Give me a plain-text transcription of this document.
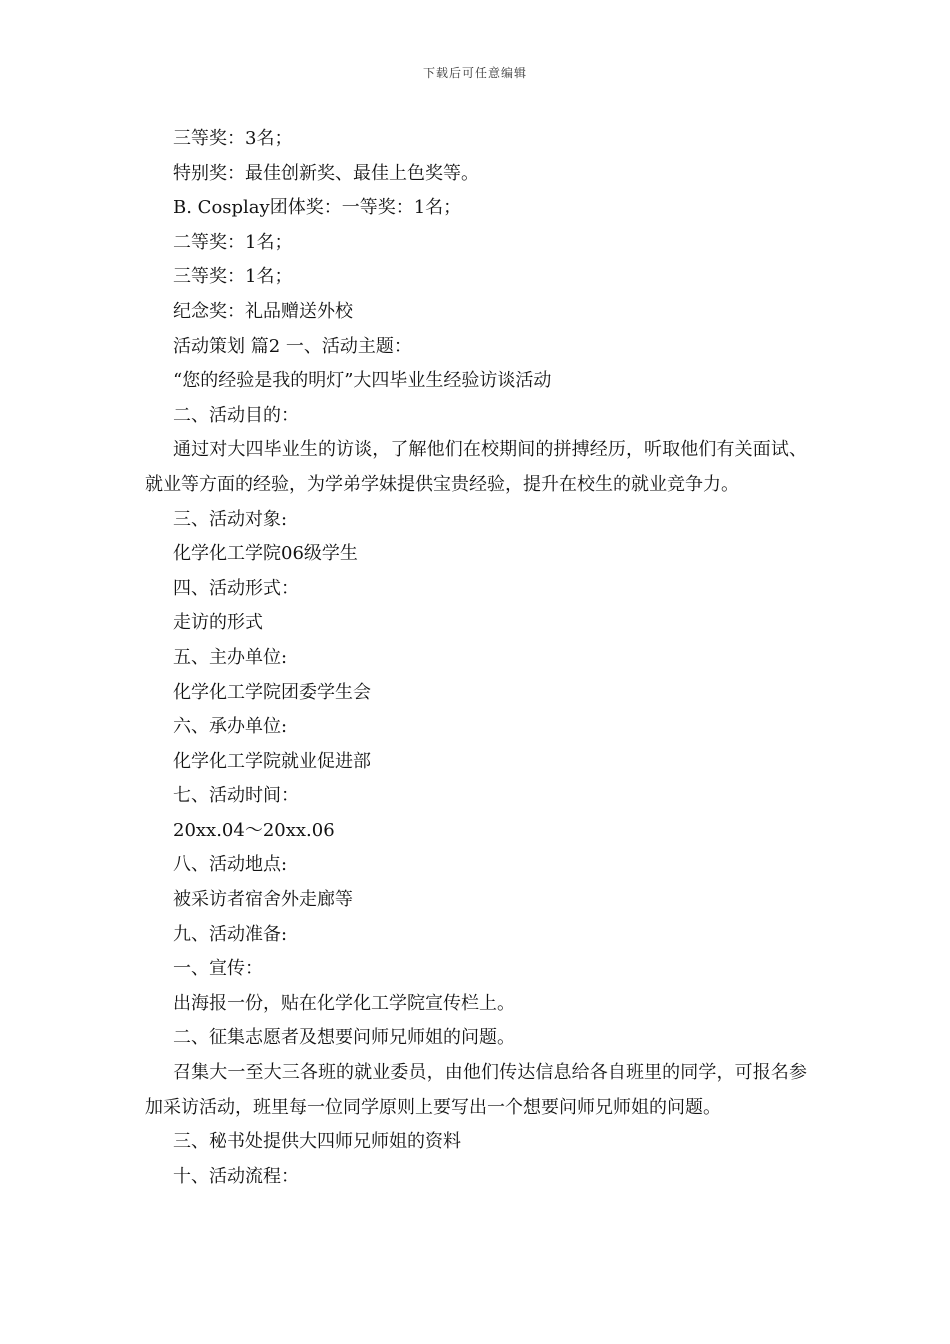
下载后可任意编辑
三等奖：3名；
特别奖：最佳创新奖、最佳上色奖等。
B. Cosplay团体奖：一等奖：1名；
二等奖：1名；
三等奖：1名；
纪念奖：礼品赠送外校
活动策划 篇2 一、活动主题：
“您的经验是我的明灯”大四毕业生经验访谈活动
二、活动目的：
通过对大四毕业生的访谈，了解他们在校期间的拼搏经历，听取他们有关面试、就业等方面的经验，为学弟学妹提供宝贵经验，提升在校生的就业竞争力。
三、活动对象:
化学化工学院06级学生
四、活动形式：
走访的形式
五、主办单位:
化学化工学院团委学生会
六、承办单位:
化学化工学院就业促进部
七、活动时间：
20xx.04～20xx.06
八、活动地点:
被采访者宿舍外走廊等
九、活动准备:
一、宣传：
出海报一份，贴在化学化工学院宣传栏上。
二、征集志愿者及想要问师兄师姐的问题。
召集大一至大三各班的就业委员，由他们传达信息给各自班里的同学，可报名参加采访活动，班里每一位同学原则上要写出一个想要问师兄师姐的问题。
三、秘书处提供大四师兄师姐的资料
十、活动流程：
